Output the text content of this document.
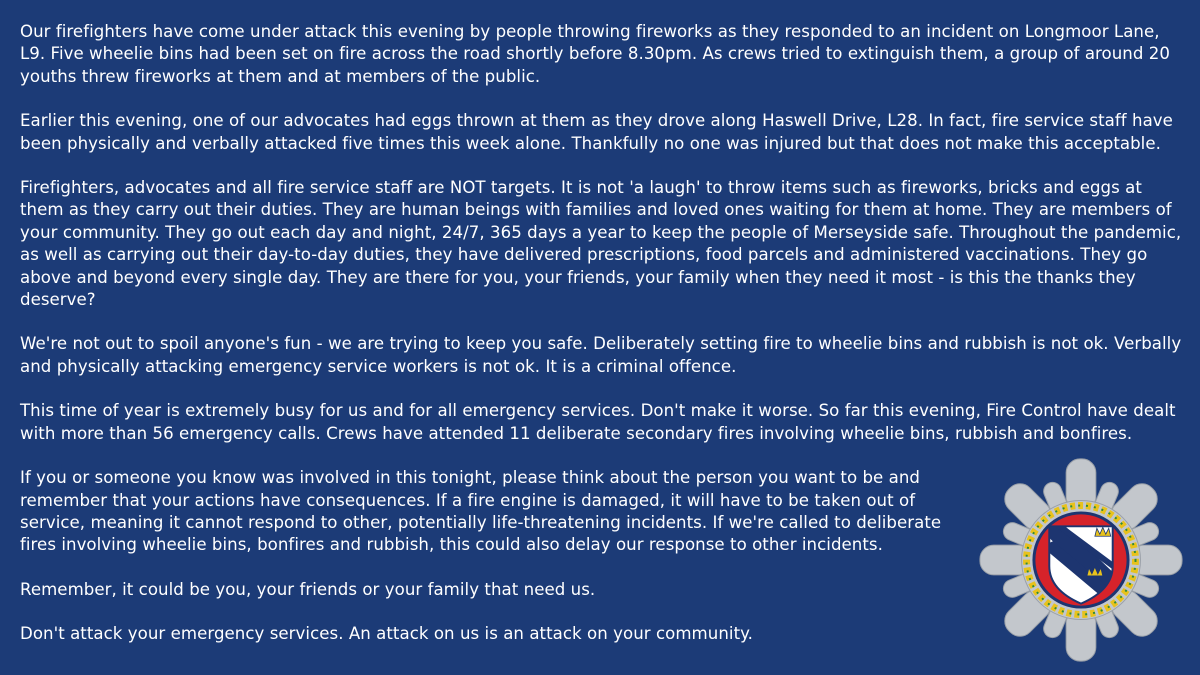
Our firefighters have come under attack this evening by people throwing fireworks as they responded to an incident on Longmoor Lane, L9. Five wheelie bins had been set on fire across the road shortly before 8.30pm. As crews tried to extinguish them, a group of around 20 youths threw fireworks at them and at members of the public.

Earlier this evening, one of our advocates had eggs thrown at them as they drove along Haswell Drive, L28. In fact, fire service staff have been physically and verbally attacked five times this week alone. Thankfully no one was injured but that does not make this acceptable.

Firefighters, advocates and all fire service staff are NOT targets. It is not 'a laugh' to throw items such as fireworks, bricks and eggs at them as they carry out their duties. They are human beings with families and loved ones waiting for them at home. They are members of your community. They go out each day and night, 24/7, 365 days a year to keep the people of Merseyside safe. Throughout the pandemic, as well as carrying out their day-to-day duties, they have delivered prescriptions, food parcels and administered vaccinations. They go above and beyond every single day. They are there for you, your friends, your family when they need it most - is this the thanks they deserve?

We're not out to spoil anyone's fun - we are trying to keep you safe. Deliberately setting fire to wheelie bins and rubbish is not ok. Verbally and physically attacking emergency service workers is not ok. It is a criminal offence.

This time of year is extremely busy for us and for all emergency services. Don't make it worse. So far this evening, Fire Control have dealt with more than 56 emergency calls. Crews have attended 11 deliberate secondary fires involving wheelie bins, rubbish and bonfires.

If you or someone you know was involved in this tonight, please think about the person you want to be and remember that your actions have consequences. If a fire engine is damaged, it will have to be taken out of service, meaning it cannot respond to other, potentially life-threatening incidents. If we're called to deliberate fires involving wheelie bins, bonfires and rubbish, this could also delay our response to other incidents.

Remember, it could be you, your friends or your family that need us.

Don't attack your emergency services. An attack on us is an attack on your community.
